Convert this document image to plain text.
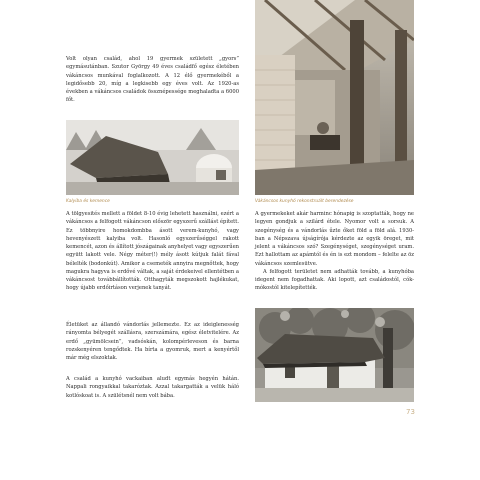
Volt olyan család, ahol 19 gyermek született „gyors” egymásutánban. Szutor György 49 éves családfő egész életében vákáncsos munkával foglalkozott. A 12 élő gyermekéből a legidősebb 20, míg a legkisebb egy éves volt. Az 1920-as években a vákáncsos családok össznépessége meghaladta a 6000 főt.

Kalyiba és kemence	Vákáncsos kunyhó rekonstruált berendezése

A tölgyesités mellett a földet 8-10 évig lehetett használni, ezért a vákáncsos a felfogott vákáncson először egyszerű szállást épített. Ez többnyire homokdombba ásott verem-kunyhó, vagy hevenyészett kalyiba volt. Hasonló egyszerűséggel rakott kemencét, azon és állított jószágainak anyhelyet vagy egyszerűen együtt lakott vele. Négy méter(!) mély ásott kútjuk falát fával bélelték (bodonkút). Amikor a csemeték annyira megnőttek, hogy magukra hagyva is erdővé váltak, a saját érdekeivel ellentétben a vákáncsost továbbállították. Otthagyták megszokott hajlékukat, hogy újabb erdőirtáson verjenek tanyát.

Életüket az állandó vándorlás jellemezte. Ez az ideiglenesség rányomta bélyegét szállásra, szerszámára, egész életvitelére. Az erdő „gyümölcsein”, vadsóskán, kolompérleveson és barna rozskenyéren tengődtek. Ha bírta a gyomruk, mert a kenyértől már még elszoktak.

A család a kunyhó vackaiban aludt egymás hegyén hátán. Nappali rongyaikkal takaróztak. Azzal takargatták a velük háló kotlóskoat is. A szülétsnél nem volt bába.

A gyermekeket akár harminc hónapig is szoptatták, hogy ne legyen gondjuk a szilárd étele. Nyomor volt a sorsuk. A szegénység és a vándorlás űzte őket föld a föld alá. 1930-ban a Népszava újságírója kérdezte az egyik öreget, mit jelent a vákáncsos szó? Szegénységet, szegénységet uram. Ezt hallottam az apámtól és én is ezt mondom – felelte az öz vákáncsos szemlesütve.

A felfogott területet nem adhatták tovább, a kunyhóba idegent nem fogadhattak. Aki lopott, azt családostól, cók-mókostól kitelepítették.

73
